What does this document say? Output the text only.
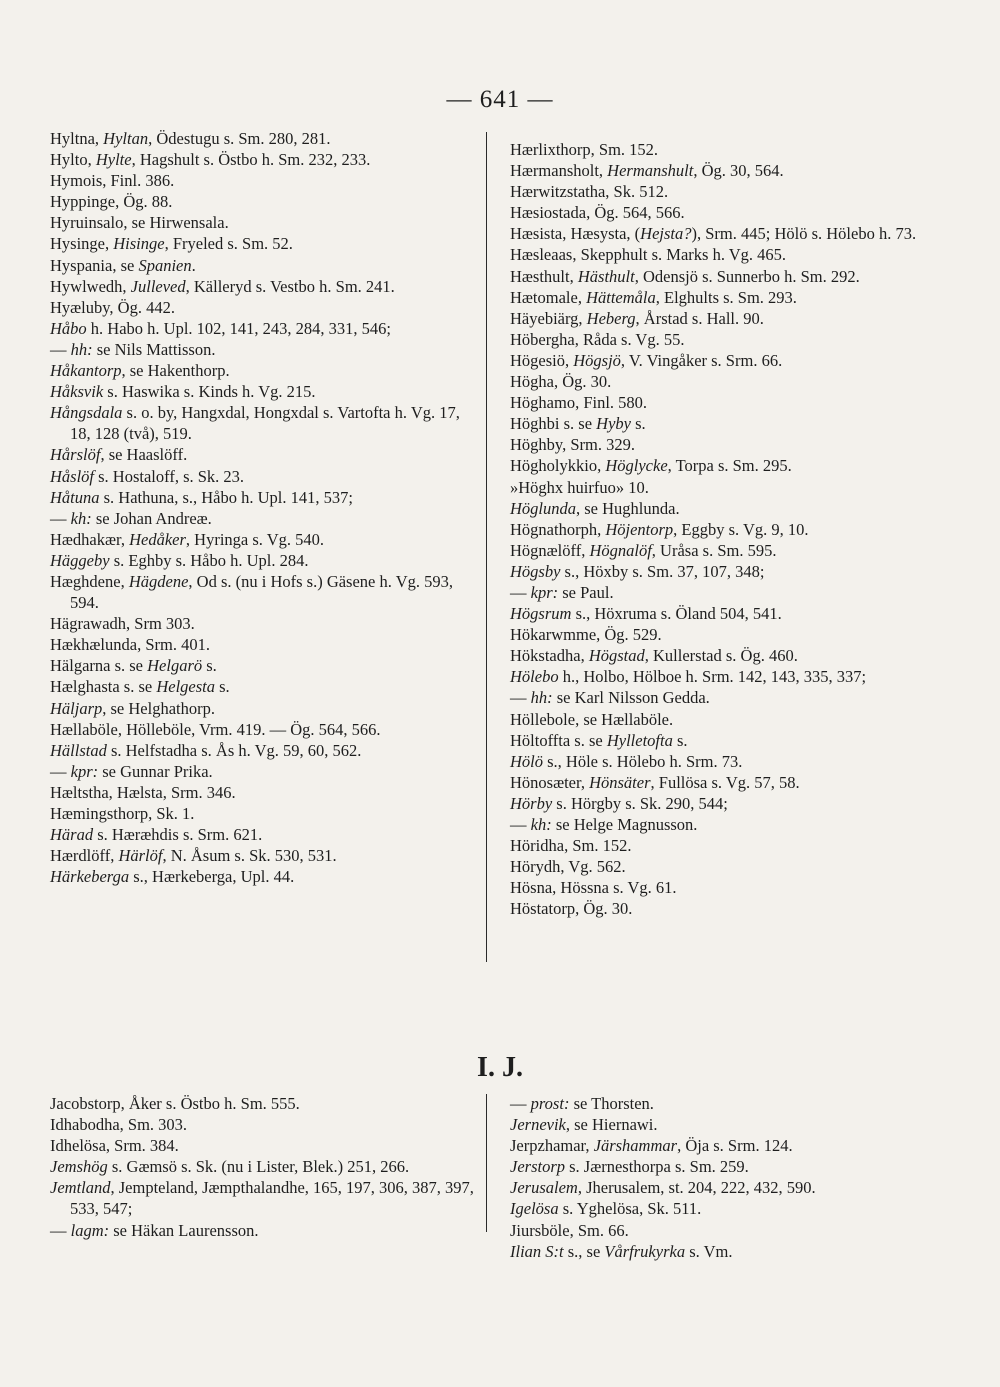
— 641 —

Hyltna, Hyltan, Ödestugu s. Sm. 280, 281.

Hylto, Hylte, Hagshult s. Östbo h. Sm. 232, 233.

Hymois, Finl. 386.

Hyppinge, Ög. 88.

Hyruinsalo, se Hirwensala.

Hysinge, Hisinge, Fryeled s. Sm. 52.

Hyspania, se Spanien.

Hywlwedh, Julleved, Källeryd s. Vestbo h. Sm. 241.

Hyæluby, Ög. 442.

Håbo h. Habo h. Upl. 102, 141, 243, 284, 331, 546;

— hh: se Nils Mattisson.

Håkantorp, se Hakenthorp.

Håksvik s. Haswika s. Kinds h. Vg. 215.

Hångsdala s. o. by, Hangxdal, Hongxdal s. Vartofta h. Vg. 17, 18, 128 (två), 519.

Hårslöf, se Haaslöff.

Håslöf s. Hostaloff, s. Sk. 23.

Håtuna s. Hathuna, s., Håbo h. Upl. 141, 537;

— kh: se Johan Andreæ.

Hædhakær, Hedåker, Hyringa s. Vg. 540.

Häggeby s. Eghby s. Håbo h. Upl. 284.

Hæghdene, Hägdene, Od s. (nu i Hofs s.) Gäsene h. Vg. 593, 594.

Hägrawadh, Srm 303.

Hækhælunda, Srm. 401.

Hälgarna s. se Helgarö s.

Hælghasta s. se Helgesta s.

Häljarp, se Helghathorp.

Hællaböle, Hölleböle, Vrm. 419. — Ög. 564, 566.

Hällstad s. Helfstadha s. Ås h. Vg. 59, 60, 562.

— kpr: se Gunnar Prika.

Hæltstha, Hælsta, Srm. 346.

Hæmingsthorp, Sk. 1.

Härad s. Hæræhdis s. Srm. 621.

Hærdlöff, Härlöf, N. Åsum s. Sk. 530, 531.

Härkeberga s., Hærkeberga, Upl. 44.

Hærlixthorp, Sm. 152.

Hærmansholt, Hermanshult, Ög. 30, 564.

Hærwitzstatha, Sk. 512.

Hæsiostada, Ög. 564, 566.

Hæsista, Hæsysta, (Hejsta?), Srm. 445; Hölö s. Hölebo h. 73.

Hæsleaas, Skepphult s. Marks h. Vg. 465.

Hæsthult, Hästhult, Odensjö s. Sunnerbo h. Sm. 292.

Hætomale, Hättemåla, Elghults s. Sm. 293.

Häyebiärg, Heberg, Årstad s. Hall. 90.

Höbergha, Råda s. Vg. 55.

Högesiö, Högsjö, V. Vingåker s. Srm. 66.

Högha, Ög. 30.

Höghamo, Finl. 580.

Höghbi s. se Hyby s.

Höghby, Srm. 329.

Högholykkio, Höglycke, Torpa s. Sm. 295.

»Höghx huirfuo» 10.

Höglunda, se Hughlunda.

Högnathorph, Höjentorp, Eggby s. Vg. 9, 10.

Högnælöff, Högnalöf, Uråsa s. Sm. 595.

Högsby s., Höxby s. Sm. 37, 107, 348;

— kpr: se Paul.

Högsrum s., Höxruma s. Öland 504, 541.

Hökarwmme, Ög. 529.

Hökstadha, Högstad, Kullerstad s. Ög. 460.

Hölebo h., Holbo, Hölboe h. Srm. 142, 143, 335, 337;

— hh: se Karl Nilsson Gedda.

Höllebole, se Hællaböle.

Höltoffta s. se Hylletofta s.

Hölö s., Höle s. Hölebo h. Srm. 73.

Hönosæter, Hönsäter, Fullösa s. Vg. 57, 58.

Hörby s. Hörgby s. Sk. 290, 544;

— kh: se Helge Magnusson.

Höridha, Sm. 152.

Hörydh, Vg. 562.

Hösna, Hössna s. Vg. 61.

Höstatorp, Ög. 30.

I. J.

Jacobstorp, Åker s. Östbo h. Sm. 555.

Idhabodha, Sm. 303.

Idhelösa, Srm. 384.

Jemshög s. Gæmsö s. Sk. (nu i Lister, Blek.) 251, 266.

Jemtland, Jempteland, Jæmpthalandhe, 165, 197, 306, 387, 397, 533, 547;

— lagm: se Häkan Laurensson.

— prost: se Thorsten.

Jernevik, se Hiernawi.

Jerpzhamar, Järshammar, Öja s. Srm. 124.

Jerstorp s. Jærnesthorpa s. Sm. 259.

Jerusalem, Jherusalem, st. 204, 222, 432, 590.

Igelösa s. Yghelösa, Sk. 511.

Jiursböle, Sm. 66.

Ilian S:t s., se Vårfrukyrka s. Vm.
